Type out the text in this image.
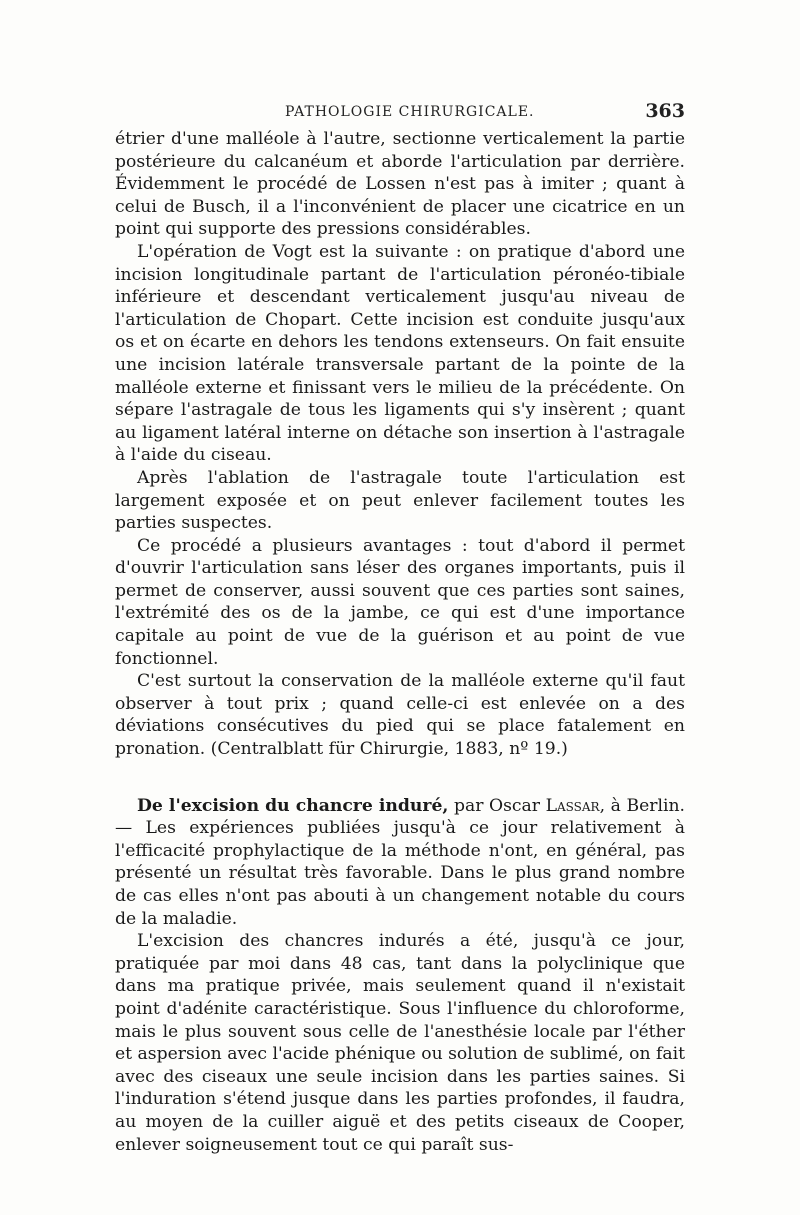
PATHOLOGIE CHIRURGICALE.	363

étrier d'une malléole à l'autre, sectionne verticalement la partie postérieure du calcanéum et aborde l'articulation par derrière. Évidemment le procédé de Lossen n'est pas à imiter ; quant à celui de Busch, il a l'inconvénient de placer une cicatrice en un point qui supporte des pressions considérables.

L'opération de Vogt est la suivante : on pratique d'abord une incision longitudinale partant de l'articulation péronéo-tibiale inférieure et descendant verticalement jusqu'au niveau de l'articulation de Chopart. Cette incision est conduite jusqu'aux os et on écarte en dehors les tendons extenseurs. On fait ensuite une incision latérale transversale partant de la pointe de la malléole externe et finissant vers le milieu de la précédente. On sépare l'astragale de tous les ligaments qui s'y insèrent ; quant au ligament latéral interne on détache son insertion à l'astragale à l'aide du ciseau.

Après l'ablation de l'astragale toute l'articulation est largement exposée et on peut enlever facilement toutes les parties suspectes.

Ce procédé a plusieurs avantages : tout d'abord il permet d'ouvrir l'articulation sans léser des organes importants, puis il permet de conserver, aussi souvent que ces parties sont saines, l'extrémité des os de la jambe, ce qui est d'une importance capitale au point de vue de la guérison et au point de vue fonctionnel.

C'est surtout la conservation de la malléole externe qu'il faut observer à tout prix ; quand celle-ci est enlevée on a des déviations consécutives du pied qui se place fatalement en pronation. (Centralblatt für Chirurgie, 1883, nº 19.)

De l'excision du chancre induré, par Oscar Lassar, à Berlin. — Les expériences publiées jusqu'à ce jour relativement à l'efficacité prophylactique de la méthode n'ont, en général, pas présenté un résultat très favorable. Dans le plus grand nombre de cas elles n'ont pas abouti à un changement notable du cours de la maladie.

L'excision des chancres indurés a été, jusqu'à ce jour, pratiquée par moi dans 48 cas, tant dans la polyclinique que dans ma pratique privée, mais seulement quand il n'existait point d'adénite caractéristique. Sous l'influence du chloroforme, mais le plus souvent sous celle de l'anesthésie locale par l'éther et aspersion avec l'acide phénique ou solution de sublimé, on fait avec des ciseaux une seule incision dans les parties saines. Si l'induration s'étend jusque dans les parties profondes, il faudra, au moyen de la cuiller aiguë et des petits ciseaux de Cooper, enlever soigneusement tout ce qui paraît sus-
